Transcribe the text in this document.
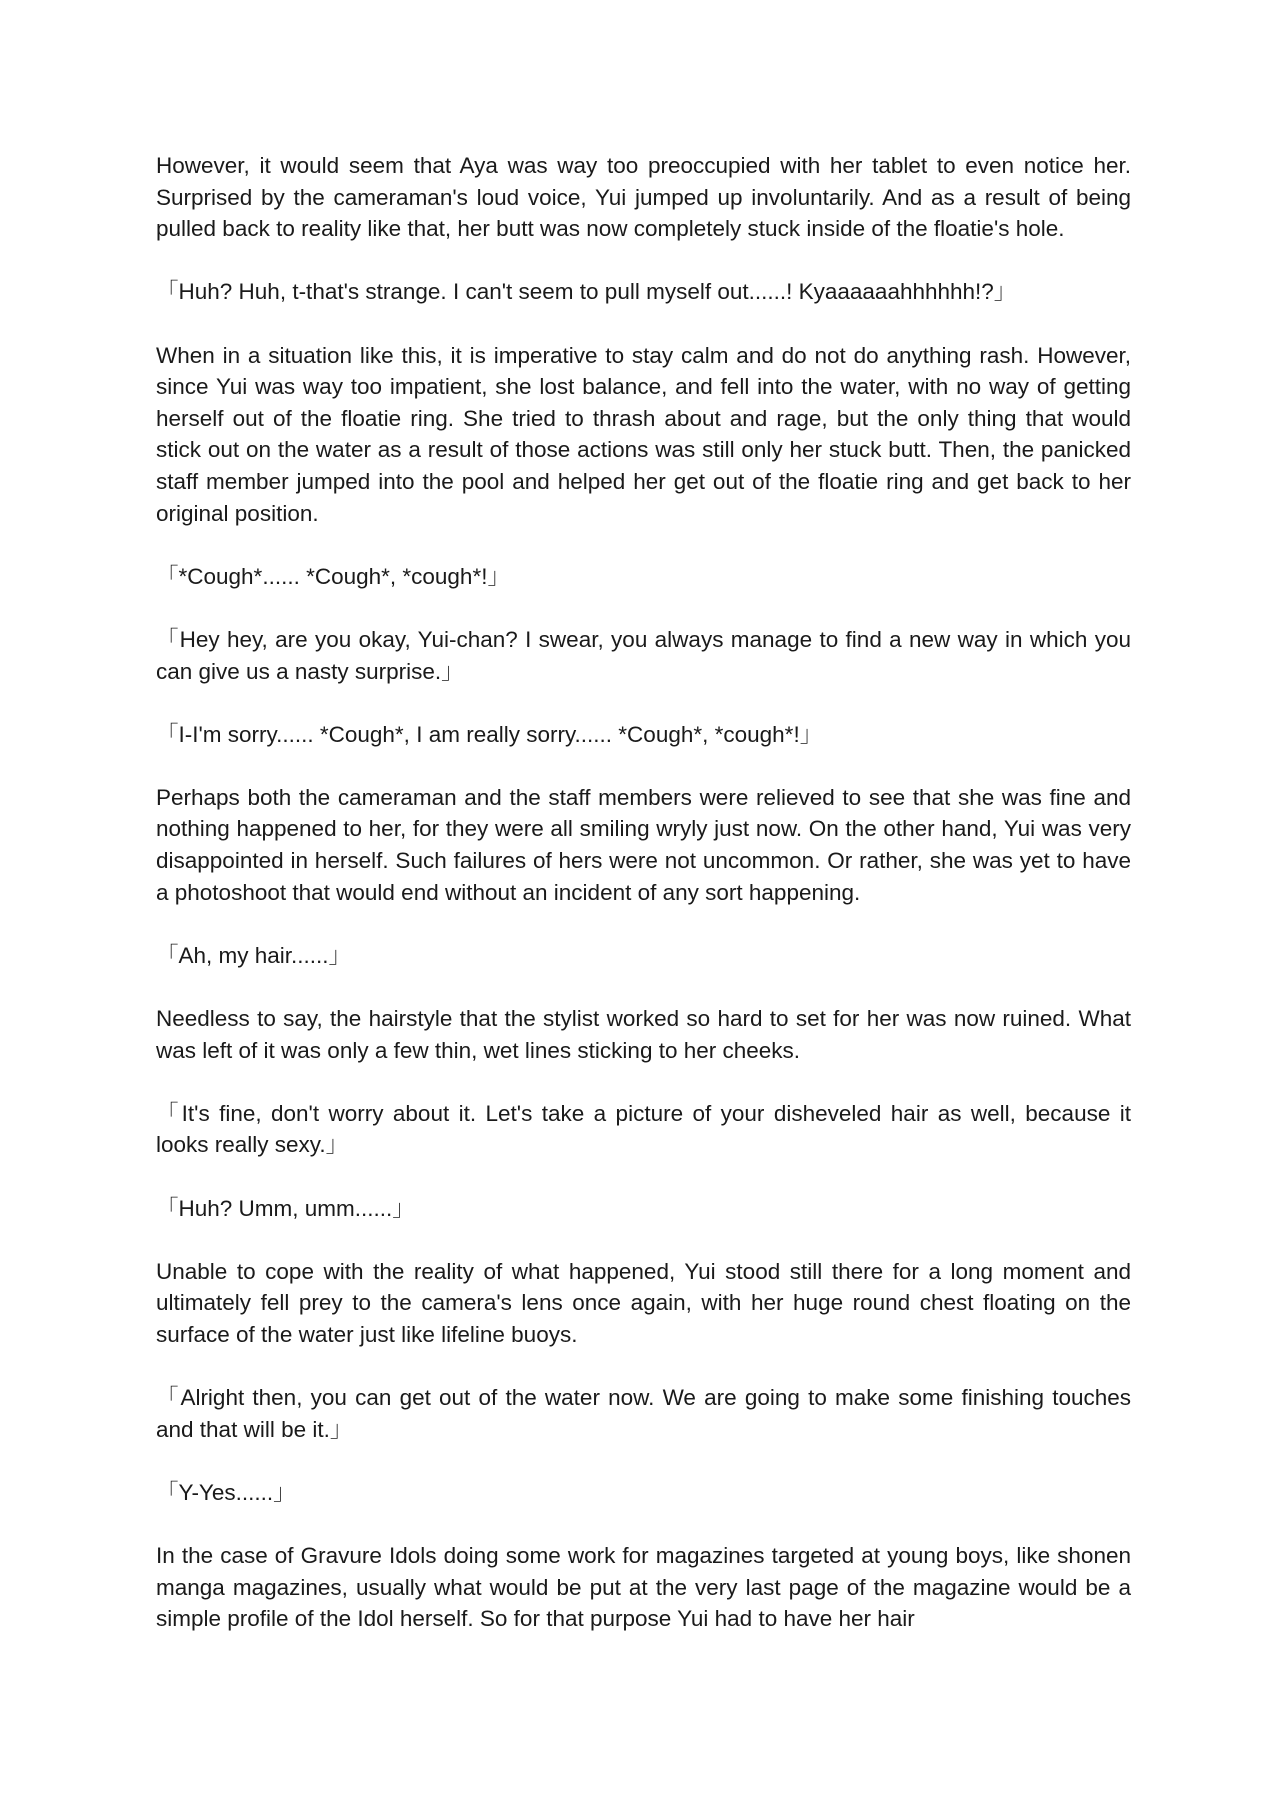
However, it would seem that Aya was way too preoccupied with her tablet to even notice her. Surprised by the cameraman's loud voice, Yui jumped up involuntarily. And as a result of being pulled back to reality like that, her butt was now completely stuck inside of the floatie's hole.

「Huh? Huh, t-that's strange. I can't seem to pull myself out......! Kyaaaaaahhhhhh!?」

When in a situation like this, it is imperative to stay calm and do not do anything rash. However, since Yui was way too impatient, she lost balance, and fell into the water, with no way of getting herself out of the floatie ring. She tried to thrash about and rage, but the only thing that would stick out on the water as a result of those actions was still only her stuck butt. Then, the panicked staff member jumped into the pool and helped her get out of the floatie ring and get back to her original position.

「*Cough*...... *Cough*, *cough*!」

「Hey hey, are you okay, Yui-chan? I swear, you always manage to find a new way in which you can give us a nasty surprise.」

「I-I'm sorry...... *Cough*, I am really sorry...... *Cough*, *cough*!」

Perhaps both the cameraman and the staff members were relieved to see that she was fine and nothing happened to her, for they were all smiling wryly just now. On the other hand, Yui was very disappointed in herself. Such failures of hers were not uncommon. Or rather, she was yet to have a photoshoot that would end without an incident of any sort happening.

「Ah, my hair......」

Needless to say, the hairstyle that the stylist worked so hard to set for her was now ruined. What was left of it was only a few thin, wet lines sticking to her cheeks.

「It's fine, don't worry about it. Let's take a picture of your disheveled hair as well, because it looks really sexy.」

「Huh? Umm, umm......」

Unable to cope with the reality of what happened, Yui stood still there for a long moment and ultimately fell prey to the camera's lens once again, with her huge round chest floating on the surface of the water just like lifeline buoys.

「Alright then, you can get out of the water now. We are going to make some finishing touches and that will be it.」

「Y-Yes......」

In the case of Gravure Idols doing some work for magazines targeted at young boys, like shonen manga magazines, usually what would be put at the very last page of the magazine would be a simple profile of the Idol herself. So for that purpose Yui had to have her hair
